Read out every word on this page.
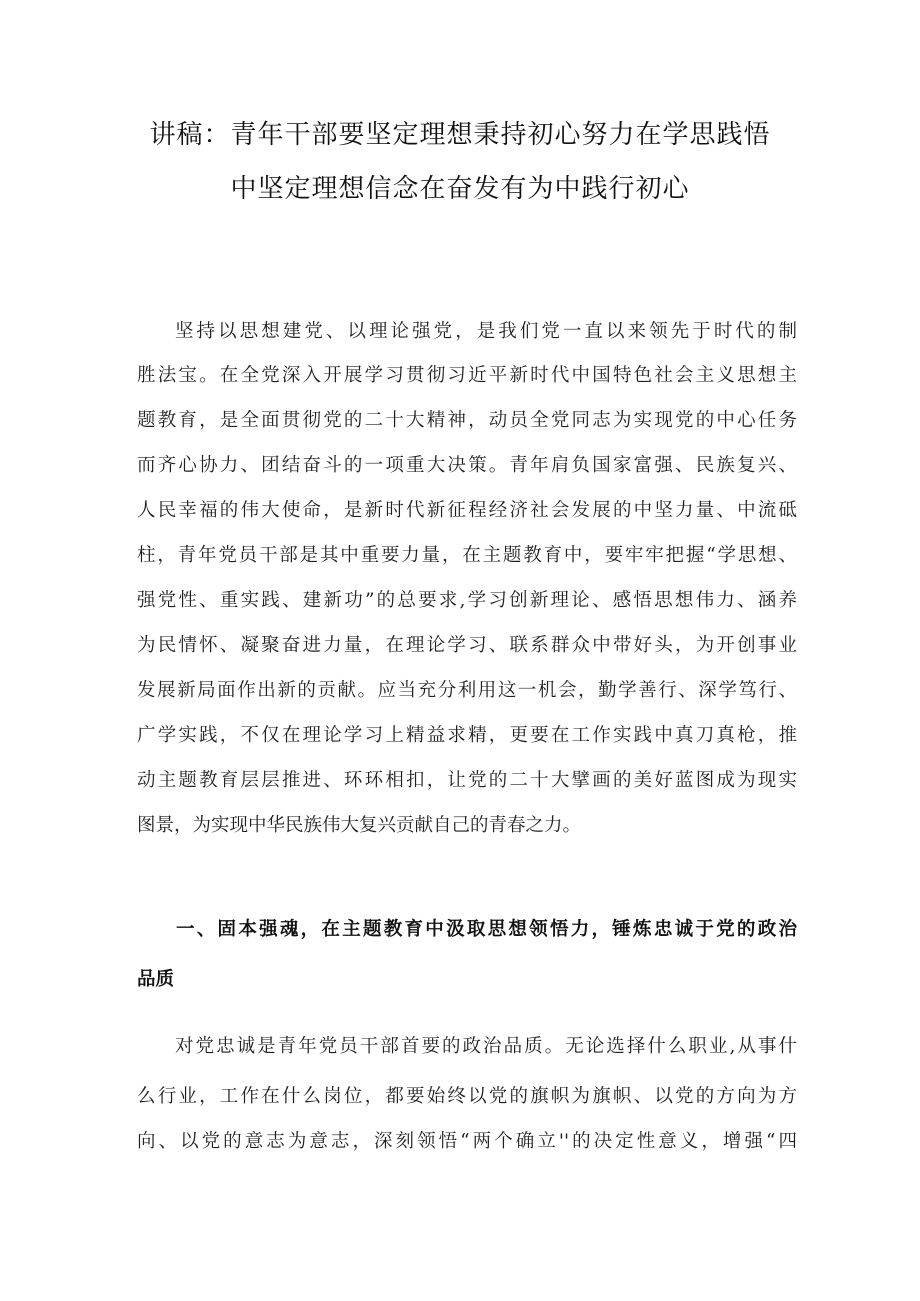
讲稿：青年干部要坚定理想秉持初心努力在学思践悟
中坚定理想信念在奋发有为中践行初心
坚持以思想建党、以理论强党，是我们党一直以来领先于时代的制
胜法宝。在全党深入开展学习贯彻习近平新时代中国特色社会主义思想主
题教育，是全面贯彻党的二十大精神，动员全党同志为实现党的中心任务
而齐心协力、团结奋斗的一项重大决策。青年肩负国家富强、民族复兴、
人民幸福的伟大使命，是新时代新征程经济社会发展的中坚力量、中流砥
柱，青年党员干部是其中重要力量，在主题教育中，要牢牢把握“学思想、
强党性、重实践、建新功”的总要求,学习创新理论、感悟思想伟力、涵养
为民情怀、凝聚奋进力量，在理论学习、联系群众中带好头，为开创事业
发展新局面作出新的贡献。应当充分利用这一机会，勤学善行、深学笃行、
广学实践，不仅在理论学习上精益求精，更要在工作实践中真刀真枪，推
动主题教育层层推进、环环相扣，让党的二十大擘画的美好蓝图成为现实
图景，为实现中华民族伟大复兴贡献自己的青春之力。
一、固本强魂，在主题教育中汲取思想领悟力，锤炼忠诚于党的政治
品质
对党忠诚是青年党员干部首要的政治品质。无论选择什么职业,从事什
么行业，工作在什么岗位，都要始终以党的旗帜为旗帜、以党的方向为方
向、以党的意志为意志，深刻领悟“两个确立''的决定性意义，增强“四
